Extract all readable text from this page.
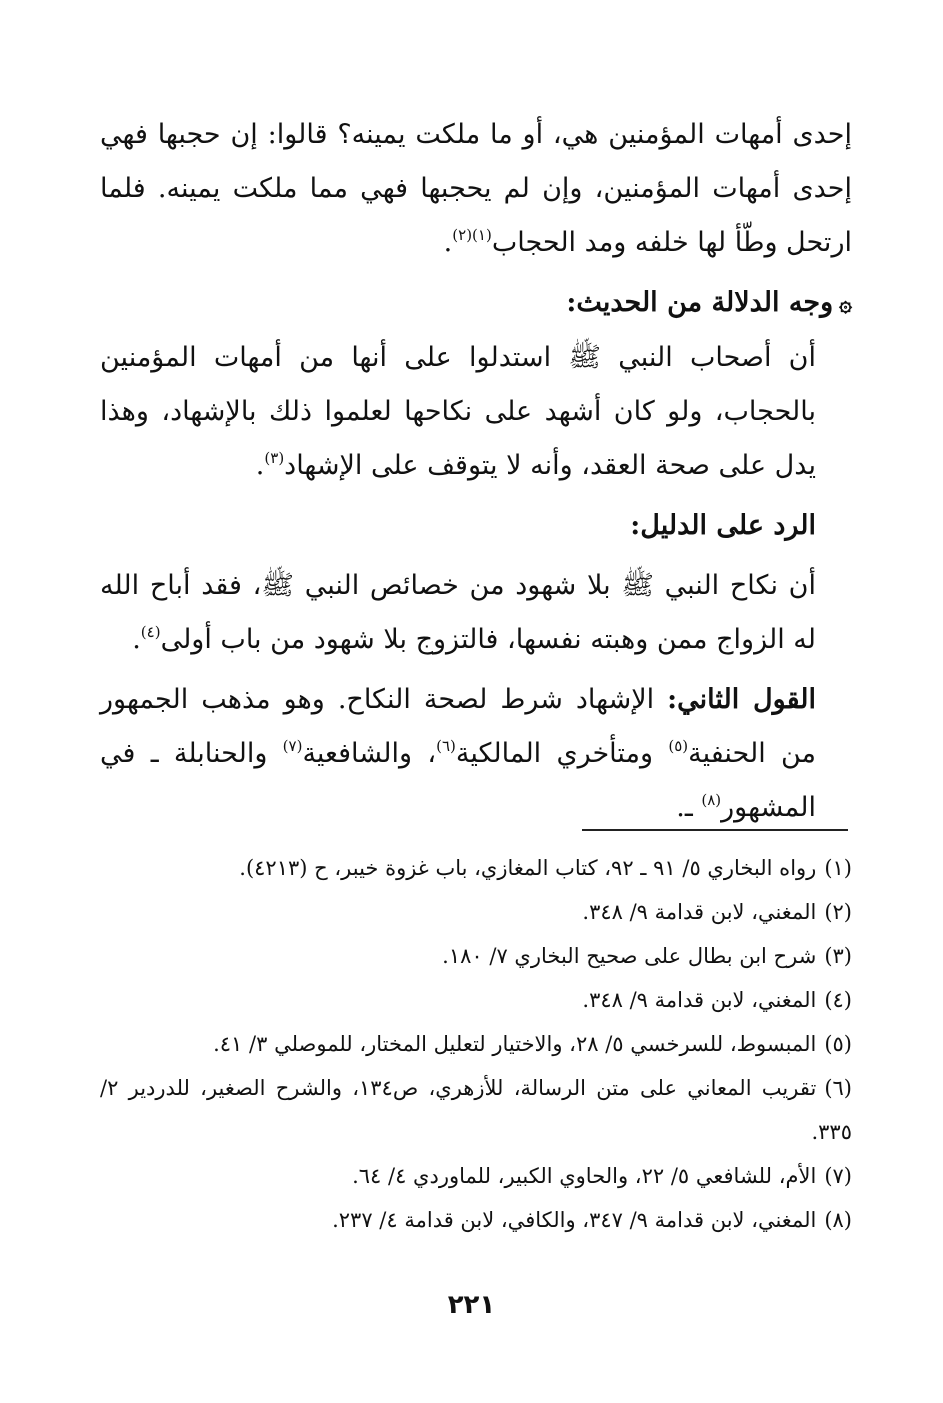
إحدى أمهات المؤمنين هي، أو ما ملكت يمينه؟ قالوا: إن حجبها فهي إحدى أمهات المؤمنين، وإن لم يحجبها فهي مما ملكت يمينه. فلما ارتحل وطّأ لها خلفه ومد الحجاب$^{(١)(٢)}$.

۞وجه الدلالة من الحديث:

أن أصحاب النبي ﷺ استدلوا على أنها من أمهات المؤمنين بالحجاب، ولو كان أشهد على نكاحها لعلموا ذلك بالإشهاد، وهذا يدل على صحة العقد، وأنه لا يتوقف على الإشهاد$^{(٣)}$.

الرد على الدليل:

أن نكاح النبي ﷺ بلا شهود من خصائص النبي ﷺ، فقد أباح الله له الزواج ممن وهبته نفسها، فالتزوج بلا شهود من باب أولى$^{(٤)}$.

القول الثاني: الإشهاد شرط لصحة النكاح. وهو مذهب الجمهور من الحنفية$^{(٥)}$ ومتأخري المالكية$^{(٦)}$، والشافعية$^{(٧)}$ والحنابلة ـ في المشهور$^{(٨)}$ ـ.

(١)رواه البخاري ٥/ ٩١ ـ ٩٢، كتاب المغازي، باب غزوة خيبر، ح (٤٢١٣).

(٢)المغني، لابن قدامة ٩/ ٣٤٨.

(٣)شرح ابن بطال على صحيح البخاري ٧/ ١٨٠.

(٤)المغني، لابن قدامة ٩/ ٣٤٨.

(٥)المبسوط، للسرخسي ٥/ ٢٨، والاختيار لتعليل المختار، للموصلي ٣/ ٤١.

(٦)تقريب المعاني على متن الرسالة، للأزهري، ص١٣٤، والشرح الصغير، للدردير ٢/ ٣٣٥.

(٧)الأم، للشافعي ٥/ ٢٢، والحاوي الكبير، للماوردي ٤/ ٦٤.

(٨)المغني، لابن قدامة ٩/ ٣٤٧، والكافي، لابن قدامة ٤/ ٢٣٧.

٢٢١
